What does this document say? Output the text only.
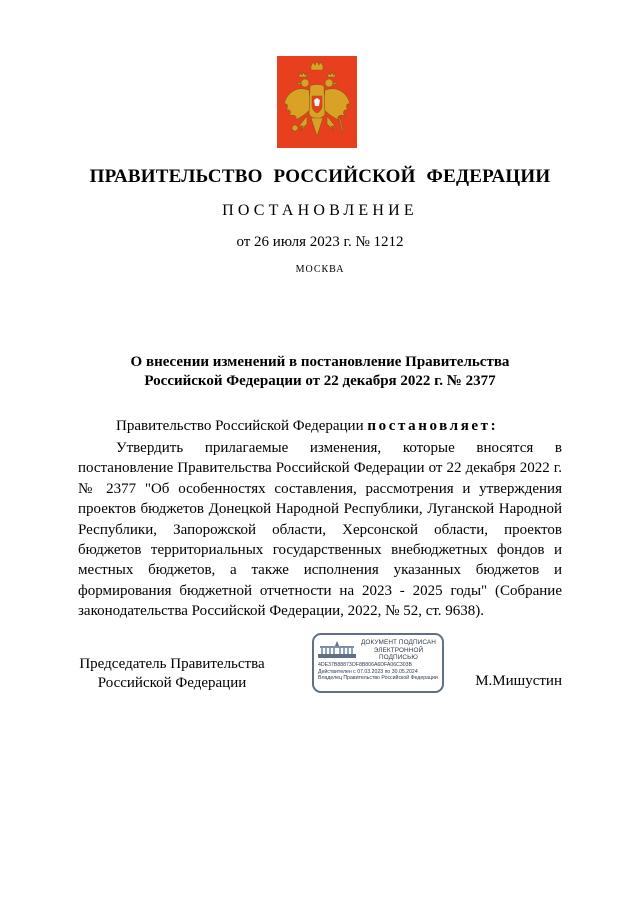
ПРАВИТЕЛЬСТВО РОССИЙСКОЙ ФЕДЕРАЦИИ
ПОСТАНОВЛЕНИЕ
от 26 июля 2023 г. № 1212
МОСКВА
О внесении изменений в постановление Правительства
Российской Федерации от 22 декабря 2022 г. № 2377
Правительство Российской Федерации постановляет:
Утвердить прилагаемые изменения, которые вносятся в постановление Правительства Российской Федерации от 22 декабря 2022 г. № 2377 "Об особенностях составления, рассмотрения и утверждения проектов бюджетов Донецкой Народной Республики, Луганской Народной Республики, Запорожской области, Херсонской области, проектов бюджетов территориальных государственных внебюджетных фондов и местных бюджетов, а также исполнения указанных бюджетов и формирования бюджетной отчетности на 2023 - 2025 годы" (Собрание законодательства Российской Федерации, 2022, № 52, ст. 9638).
Председатель Правительства
Российской Федерации
ДОКУМЕНТ ПОДПИСАН
ЭЛЕКТРОННОЙ ПОДПИСЬЮ
4DE37B88873OF8B806A6DFA06C303B
Действителен с 07.03.2023 по 30.05.2024
Владелец Правительство Российской Федерации	М.Мишустин
